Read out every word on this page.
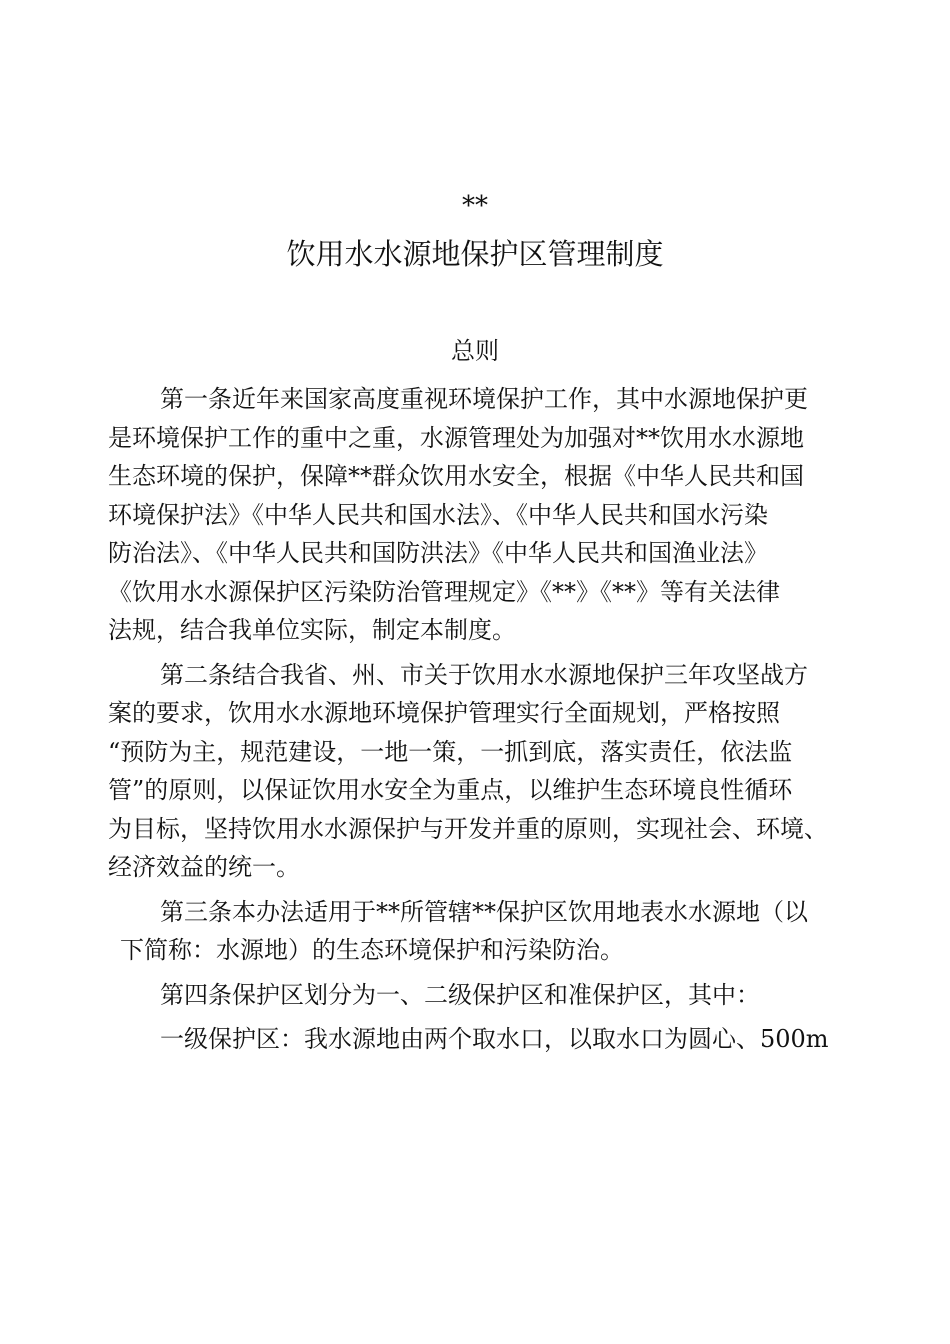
**
饮用水水源地保护区管理制度
总则
第一条近年来国家高度重视环境保护工作，其中水源地保护更
是环境保护工作的重中之重，水源管理处为加强对**饮用水水源地
生态环境的保护，保障**群众饮用水安全，根据《中华人民共和国
环境保护法》《中华人民共和国水法》、《中华人民共和国水污染
防治法》、《中华人民共和国防洪法》《中华人民共和国渔业法》
《饮用水水源保护区污染防治管理规定》《**》《**》等有关法律
法规，结合我单位实际，制定本制度。
第二条结合我省、州、市关于饮用水水源地保护三年攻坚战方
案的要求，饮用水水源地环境保护管理实行全面规划，严格按照
“预防为主，规范建设，一地一策，一抓到底，落实责任，依法监
管”的原则，以保证饮用水安全为重点，以维护生态环境良性循环
为目标，坚持饮用水水源保护与开发并重的原则，实现社会、环境、
经济效益的统一。
第三条本办法适用于**所管辖**保护区饮用地表水水源地（以
下简称：水源地）的生态环境保护和污染防治。
第四条保护区划分为一、二级保护区和准保护区，其中：
一级保护区：我水源地由两个取水口，以取水口为圆心、500m
